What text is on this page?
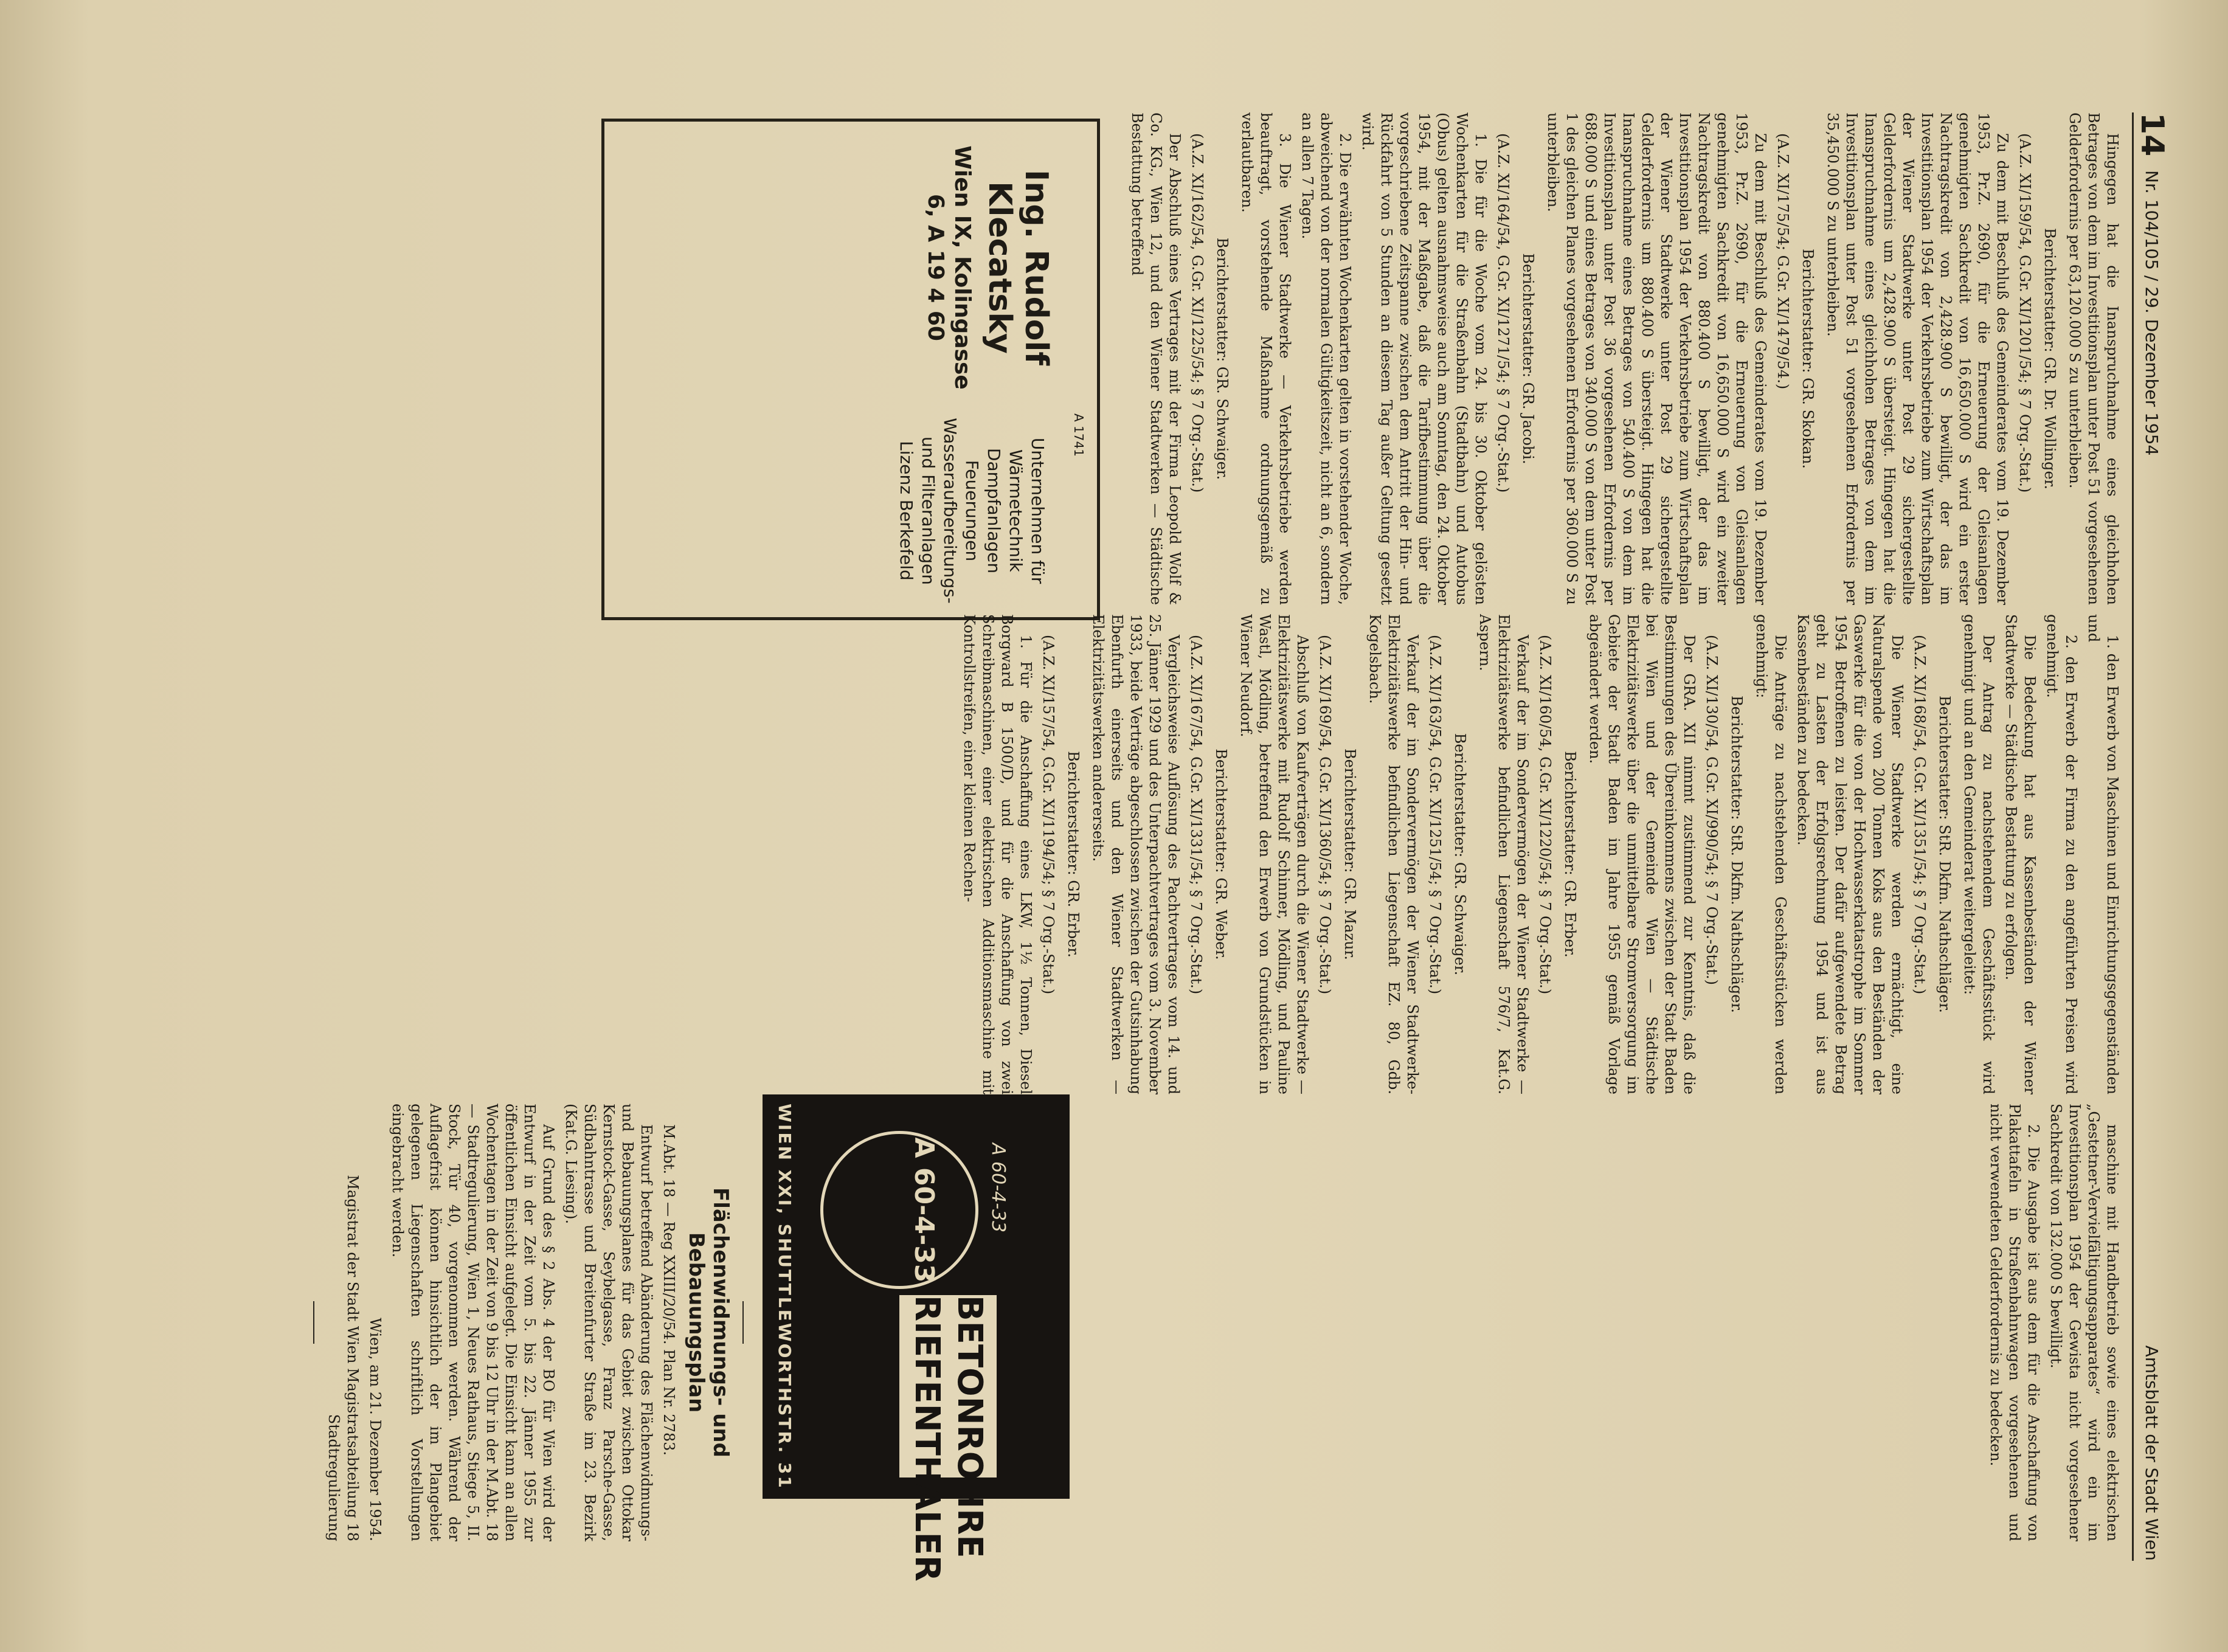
14
Nr. 104/105 / 29. Dezember 1954
Amtsblatt der Stadt Wien

Hingegen hat die Inanspruchnahme eines gleichhohen Betrages von dem im Investitionsplan unter Post 51 vorgesehenen Gelderfordernis per 63,120.000 S zu unterbleiben.

Berichterstatter: GR. Dr. Wollinger.

(A.Z. XI/159/54, G.Gr. XI/1201/54; § 7 Org.-Stat.)

Zu dem mit Beschluß des Gemeinderates vom 19. Dezember 1953, Pr.Z. 2690, für die Erneuerung der Gleisanlagen genehmigten Sachkredit von 16,650.000 S wird ein erster Nachtragskredit von 2,428.900 S bewilligt, der das im Investitionsplan 1954 der Verkehrsbetriebe zum Wirtschaftsplan der Wiener Stadtwerke unter Post 29 sichergestellte Gelderfordernis um 2,428.900 S übersteigt. Hingegen hat die Inanspruchnahme eines gleichhohen Betrages von dem im Investitionsplan unter Post 51 vorgesehenen Erfordernis per 35,450.000 S zu unterbleiben.

Berichterstatter: GR. Skokan.

(A.Z. XI/175/54; G.Gr. XI/1479/54.)

Zu dem mit Beschluß des Gemeinderates vom 19. Dezember 1953, Pr.Z. 2690, für die Erneuerung von Gleisanlagen genehmigten Sachkredit von 16,650.000 S wird ein zweiter Nachtragskredit von 880.400 S bewilligt, der das im Investitionsplan 1954 der Verkehrsbetriebe zum Wirtschaftsplan der Wiener Stadtwerke unter Post 29 sichergestellte Gelderfordernis um 880.400 S übersteigt. Hingegen hat die Inanspruchnahme eines Betrages von 540.400 S von dem im Investitionsplan unter Post 36 vorgesehenen Erfordernis per 688.000 S und eines Betrages von 340.000 S von dem unter Post 1 des gleichen Planes vorgesehenen Erfordernis per 360.000 S zu unterbleiben.

Berichterstatter: GR. Jacobi.

(A.Z. XI/164/54, G.Gr. XI/1271/54; § 7 Org.-Stat.)

1. Die für die Woche vom 24. bis 30. Oktober gelösten Wochenkarten für die Straßenbahn (Stadtbahn) und Autobus (Obus) gelten ausnahmsweise auch am Sonntag, den 24. Oktober 1954, mit der Maßgabe, daß die Tarifbestimmung über die vorgeschriebene Zeitspanne zwischen dem Antritt der Hin- und Rückfahrt von 5 Stunden an diesem Tag außer Geltung gesetzt wird.

2. Die erwähnten Wochenkarten gelten in vorstehender Woche, abweichend von der normalen Gültigkeitszeit, nicht an 6, sondern an allen 7 Tagen.

3. Die Wiener Stadtwerke — Verkehrsbetriebe werden beauftragt, vorstehende Maßnahme ordnungsgemäß zu verlautbaren.

Berichterstatter: GR. Schwaiger.

(A.Z. XI/162/54, G.Gr. XI/1225/54; § 7 Org.-Stat.)

Der Abschluß eines Vertrages mit der Firma Leopold Wolf & Co. KG., Wien 12, und den Wiener Stadtwerken — Städtische Bestattung betreffend

A 1741
Unternehmen für
Wärmetechnik
Dampfanlagen
Feuerungen
Wasseraufbereitungs-
und Filteranlagen
Lizenz Berkefeld
Ing. Rudolf Klecatsky
Wien IX, Kolingasse 6, A 19 4 60

1. den Erwerb von Maschinen und Einrichtungsgegenständen und

2. den Erwerb der Firma zu den angeführten Preisen wird genehmigt.

Die Bedeckung hat aus Kassenbeständen der Wiener Stadtwerke — Städtische Bestattung zu erfolgen.

Der Antrag zu nachstehendem Geschäftsstück wird genehmigt und an den Gemeinderat weitergeleitet:

Berichterstatter: StR. Dkfm. Nathschläger.

(A.Z. XI/168/54, G.Gr. XI/1351/54; § 7 Org.-Stat.)

Die Wiener Stadtwerke werden ermächtigt, eine Naturalspende von 200 Tonnen Koks aus den Beständen der Gaswerke für die von der Hochwasserkatastrophe im Sommer 1954 Betroffenen zu leisten. Der dafür aufgewendete Betrag geht zu Lasten der Erfolgsrechnung 1954 und ist aus Kassenbeständen zu bedecken.

Die Anträge zu nachstehenden Geschäftsstücken werden genehmigt:

Berichterstatter: StR. Dkfm. Nathschläger.

(A.Z. XI/130/54, G.Gr. XI/990/54; § 7 Org.-Stat.)

Der GRA. XII nimmt zustimmend zur Kenntnis, daß die Bestimmungen des Übereinkommens zwischen der Stadt Baden bei Wien und der Gemeinde Wien — Städtische Elektrizitätswerke über die unmittelbare Stromversorgung im Gebiete der Stadt Baden im Jahre 1955 gemäß Vorlage abgeändert werden.

Berichterstatter: GR. Erber.

(A.Z. XI/160/54, G.Gr. XI/1220/54; § 7 Org.-Stat.)

Verkauf der im Sondervermögen der Wiener Stadtwerke — Elektrizitätswerke befindlichen Liegenschaft 576/7, Kat.G. Aspern.

Berichterstatter: GR. Schwaiger.

(A.Z. XI/163/54, G.Gr. XI/1251/54; § 7 Org.-Stat.)

Verkauf der im Sondervermögen der Wiener Stadtwerke-Elektrizitätswerke befindlichen Liegenschaft EZ. 80, Gdb. Kogelsbach.

Berichterstatter: GR. Mazur.

(A.Z. XI/169/54, G.Gr. XI/1360/54; § 7 Org.-Stat.)

Abschluß von Kaufverträgen durch die Wiener Stadtwerke — Elektrizitätswerke mit Rudolf Schinner, Mödling, und Pauline Wastl, Mödling, betreffend den Erwerb von Grundstücken in Wiener Neudorf.

Berichterstatter: GR. Weber.

(A.Z. XI/167/54, G.Gr. XI/1331/54; § 7 Org.-Stat.)

Vergleichsweise Auflösung des Pachtvertrages vom 14. und 25. Jänner 1929 und des Unterpachtvertrages vom 3. November 1933, beide Verträge abgeschlossen zwischen der Gutsinhabung Ebenfurth einerseits und den Wiener Stadtwerken — Elektrizitätswerken andererseits.

Berichterstatter: GR. Erber.

(A.Z. XI/157/54, G.Gr. XI/1194/54; § 7 Org.-Stat.)

1. Für die Anschaffung eines LKW, 1½ Tonnen, Diesel Borgward B 1500/D, und für die Anschaffung von zwei Schreibmaschinen, einer elektrischen Additionsmaschine mit Kontrollstreifen, einer kleinen Rechen-

A 60-4-33
A 60-4-33
BETONROHRE
RIEFENTHALER
WIEN XXI, SHUTTLEWORTHSTR. 31	maschine mit Handbetrieb sowie eines elektrischen „Gestetner-Vervielfältigungsapparates“ wird ein im Investitionsplan 1954 der Gewista nicht vorgesehener Sachkredit von 132.000 S bewilligt.

2. Die Ausgabe ist aus dem für die Anschaffung von Plakattafeln in Straßenbahnwagen vorgesehenen und nicht verwendeten Gelderfordernis zu bedecken.

Flächenwidmungs- und Bebauungsplan

M.Abt. 18 — Reg XXIII/20/54. Plan Nr. 2783.

Entwurf betreffend Abänderung des Flächenwidmungs- und Bebauungsplanes für das Gebiet zwischen Ottokar Kernstock-Gasse, Seybelgasse, Franz Parsche-Gasse, Südbahntrasse und Breitenfurter Straße im 23. Bezirk (Kat.G. Liesing).

Auf Grund des § 2 Abs. 4 der BO für Wien wird der Entwurf in der Zeit vom 5. bis 22. Jänner 1955 zur öffentlichen Einsicht aufgelegt. Die Einsicht kann an allen Wochentagen in der Zeit von 9 bis 12 Uhr in der M.Abt. 18 — Stadtregulierung, Wien 1, Neues Rathaus, Stiege 5, II. Stock, Tür 40, vorgenommen werden. Während der Auflagefrist können hinsichtlich der im Plangebiet gelegenen Liegenschaften schriftlich Vorstellungen eingebracht werden.

Wien, am 21. Dezember 1954.

Magistrat der Stadt Wien Magistratsabteilung 18 Stadtregulierung
